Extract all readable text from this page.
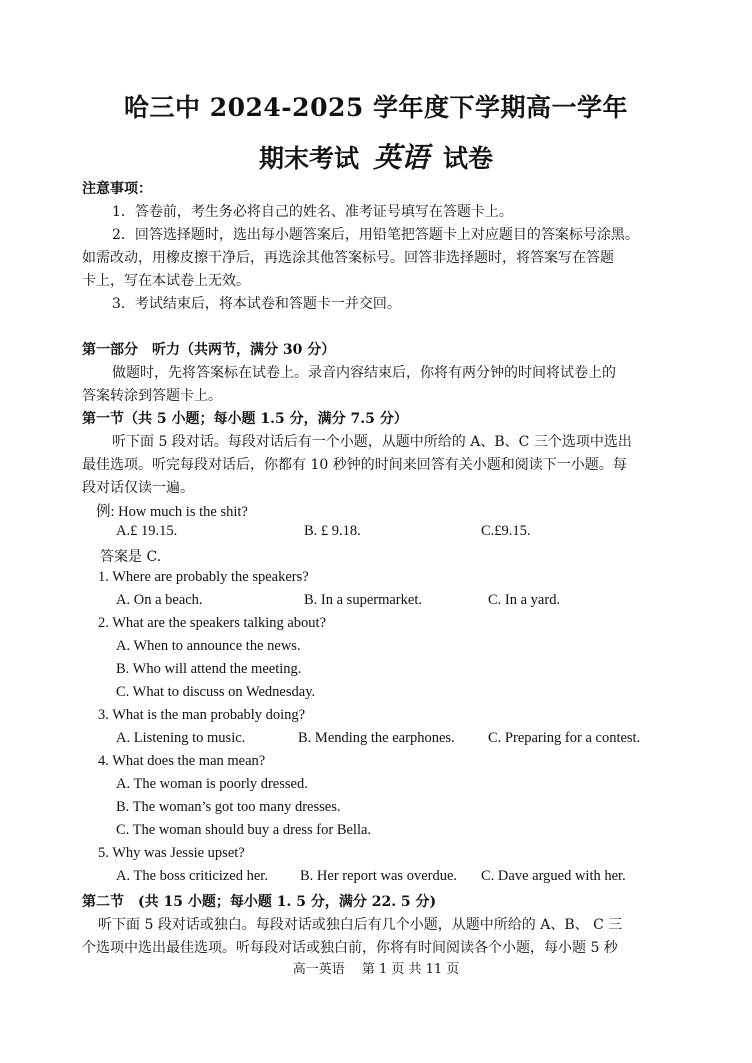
哈三中 2024-2025 学年度下学期高一学年
期末考试 英语 试卷
注意事项：
1．答卷前，考生务必将自己的姓名、准考证号填写在答题卡上。
2．回答选择题时，选出每小题答案后，用铅笔把答题卡上对应题目的答案标号涂黑。
如需改动，用橡皮擦干净后，再选涂其他答案标号。回答非选择题时，将答案写在答题
卡上，写在本试卷上无效。
3．考试结束后，将本试卷和答题卡一并交回。
第一部分　听力（共两节，满分 30 分）
做题时，先将答案标在试卷上。录音内容结束后，你将有两分钟的时间将试卷上的
答案转涂到答题卡上。
第一节（共 5 小题；每小题 1.5 分，满分 7.5 分）
听下面 5 段对话。每段对话后有一个小题，从题中所给的 A、B、C 三个选项中选出
最佳选项。听完每段对话后，你都有 10 秒钟的时间来回答有关小题和阅读下一小题。每
段对话仅读一遍。
例: How much is the shit?
A.£ 19.15.	B. £ 9.18.	C.£9.15.
答案是 C.
1. Where are probably the speakers?
A. On a beach.	B. In a supermarket.	C. In a yard.
2. What are the speakers talking about?
A. When to announce the news.
B. Who will attend the meeting.
C. What to discuss on Wednesday.
3. What is the man probably doing?
A. Listening to music.	B. Mending the earphones. C. Preparing for a contest.
4. What does the man mean?
A. The woman is poorly dressed.
B. The woman’s got too many dresses.
C. The woman should buy a dress for Bella.
5. Why was Jessie upset?
A. The boss criticized her. B. Her report was overdue. C. Dave argued with her.
第二节　(共 15 小题；每小题 1. 5 分，满分 22. 5 分)
听下面 5 段对话或独白。每段对话或独白后有几个小题，从题中所给的 A、B、 C 三
个选项中选出最佳选项。听每段对话或独白前，你将有时间阅读各个小题，每小题 5 秒
高一英语　 第 1 页 共 11 页
